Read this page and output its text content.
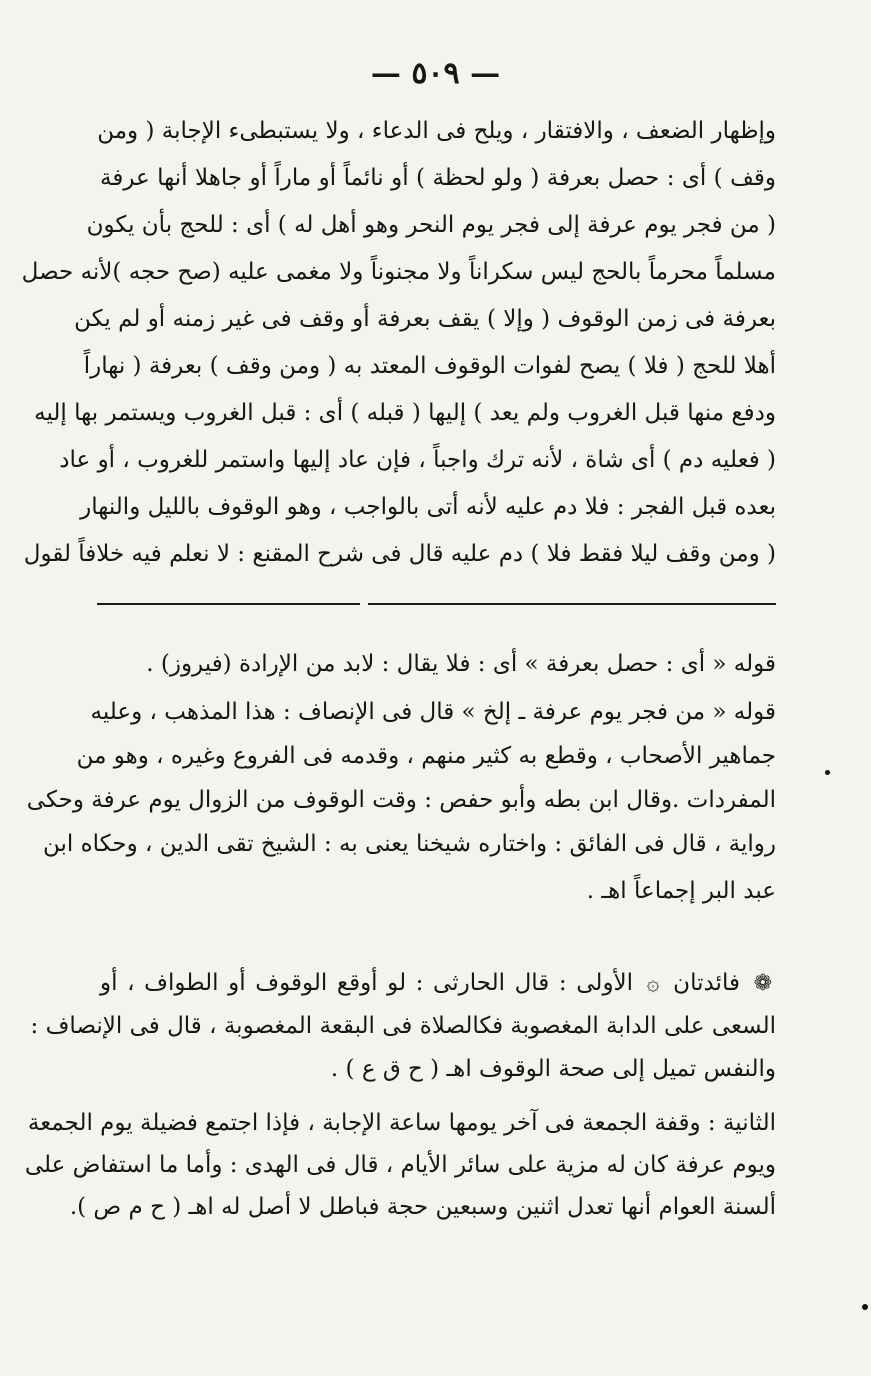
— ٥٠٩ —
وإظهار الضعف ، والافتقار ، ويلح فى الدعاء ، ولا يستبطىء الإجابة ( ومن
وقف ) أى : حصل بعرفة ( ولو لحظة ) أو نائماً أو ماراً أو جاهلا أنها عرفة
( من فجر يوم عرفة إلى فجر يوم النحر وهو أهل له ) أى : للحج بأن يكون
مسلماً محرماً بالحج ليس سكراناً ولا مجنوناً ولا مغمى عليه (صح حجه )لأنه حصل
بعرفة فى زمن الوقوف ( وإلا ) يقف بعرفة أو وقف فى غير زمنه أو لم يكن
أهلا للحج ( فلا ) يصح لفوات الوقوف المعتد به ( ومن وقف ) بعرفة ( نهاراً
ودفع منها قبل الغروب ولم يعد ) إليها ( قبله ) أى : قبل الغروب ويستمر بها إليه
( فعليه دم ) أى شاة ، لأنه ترك واجباً ، فإن عاد إليها واستمر للغروب ، أو عاد
بعده قبل الفجر : فلا دم عليه لأنه أتى بالواجب ، وهو الوقوف بالليل والنهار
( ومن وقف ليلا فقط فلا ) دم عليه قال فى شرح المقنع : لا نعلم فيه خلافاً لقول
قوله « أى : حصل بعرفة » أى : فلا يقال : لابد من الإرادة (فيروز) .
قوله « من فجر يوم عرفة ـ إلخ » قال فى الإنصاف : هذا المذهب ، وعليه
جماهير الأصحاب ، وقطع به كثير منهم ، وقدمه فى الفروع وغيره ، وهو من
المفردات .وقال ابن بطه وأبو حفص : وقت الوقوف من الزوال يوم عرفة وحكى
رواية ، قال فى الفائق : واختاره شيخنا يعنى به : الشيخ تقى الدين ، وحكاه ابن
عبد البر إجماعاً اهـ .
❁ فائدتان ۞ الأولى : قال الحارثى : لو أوقع الوقوف أو الطواف ، أو
السعى على الدابة المغصوبة فكالصلاة فى البقعة المغصوبة ، قال فى الإنصاف :
والنفس تميل إلى صحة الوقوف اهـ ( ح ق ع ) .
الثانية : وقفة الجمعة فى آخر يومها ساعة الإجابة ، فإذا اجتمع فضيلة يوم الجمعة
ويوم عرفة كان له مزية على سائر الأيام ، قال فى الهدى : وأما ما استفاض على
ألسنة العوام أنها تعدل اثنين وسبعين حجة فباطل لا أصل له اهـ ( ح م ص ).
